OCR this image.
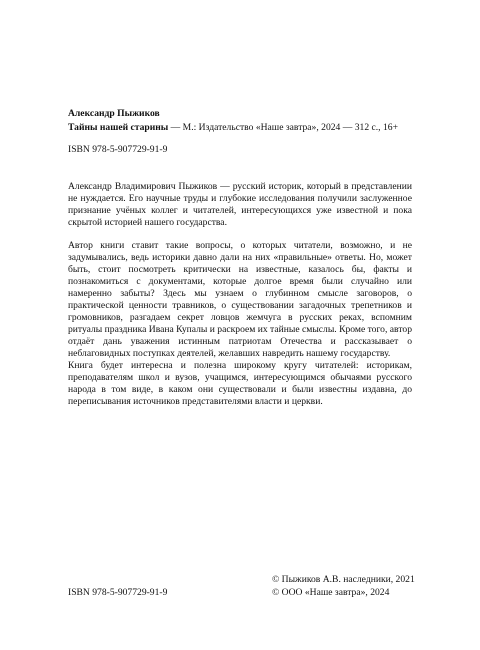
Александр Пыжиков
Тайны нашей старины — М.: Издательство «Наше завтра», 2024 — 312 с., 16+
ISBN 978-5-907729-91-9

Александр Владимирович Пыжиков — русский историк, который в представлении не нуждается. Его научные труды и глубокие исследования получили заслуженное признание учёных коллег и читателей, интересующихся уже известной и пока скрытой историей нашего государства.

Автор книги ставит такие вопросы, о которых читатели, возможно, и не задумывались, ведь историки давно дали на них «правильные» ответы. Но, может быть, стоит посмотреть критически на известные, казалось бы, факты и познакомиться с документами, которые долгое время были случайно или намеренно забыты? Здесь мы узнаем о глубинном смысле заговоров, о практической ценности травников, о существовании загадочных трепетников и громовников, разгадаем секрет ловцов жемчуга в русских реках, вспомним ритуалы праздника Ивана Купалы и раскроем их тайные смыслы. Кроме того, автор отдаёт дань уважения истинным патриотам Отечества и рассказывает о неблаговидных поступках деятелей, желавших навредить нашему государству.

Книга будет интересна и полезна широкому кругу читателей: историкам, преподавателям школ и вузов, учащимся, интересующимся обычаями русского народа в том виде, в каком они существовали и были известны издавна, до переписывания источников представителями власти и церкви.

ISBN 978-5-907729-91-9
© Пыжиков А.В. наследники, 2021
© ООО «Наше завтра», 2024
